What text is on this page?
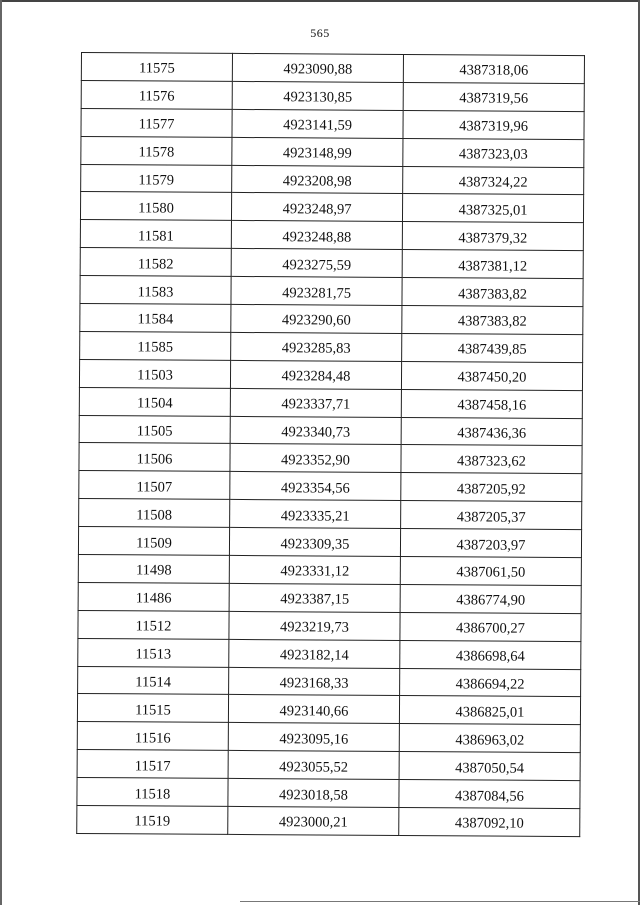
565
11575	4923090,88	4387318,06
11576	4923130,85	4387319,56
11577	4923141,59	4387319,96
11578	4923148,99	4387323,03
11579	4923208,98	4387324,22
11580	4923248,97	4387325,01
11581	4923248,88	4387379,32
11582	4923275,59	4387381,12
11583	4923281,75	4387383,82
11584	4923290,60	4387383,82
11585	4923285,83	4387439,85
11503	4923284,48	4387450,20
11504	4923337,71	4387458,16
11505	4923340,73	4387436,36
11506	4923352,90	4387323,62
11507	4923354,56	4387205,92
11508	4923335,21	4387205,37
11509	4923309,35	4387203,97
11498	4923331,12	4387061,50
11486	4923387,15	4386774,90
11512	4923219,73	4386700,27
11513	4923182,14	4386698,64
11514	4923168,33	4386694,22
11515	4923140,66	4386825,01
11516	4923095,16	4386963,02
11517	4923055,52	4387050,54
11518	4923018,58	4387084,56
11519	4923000,21	4387092,10
